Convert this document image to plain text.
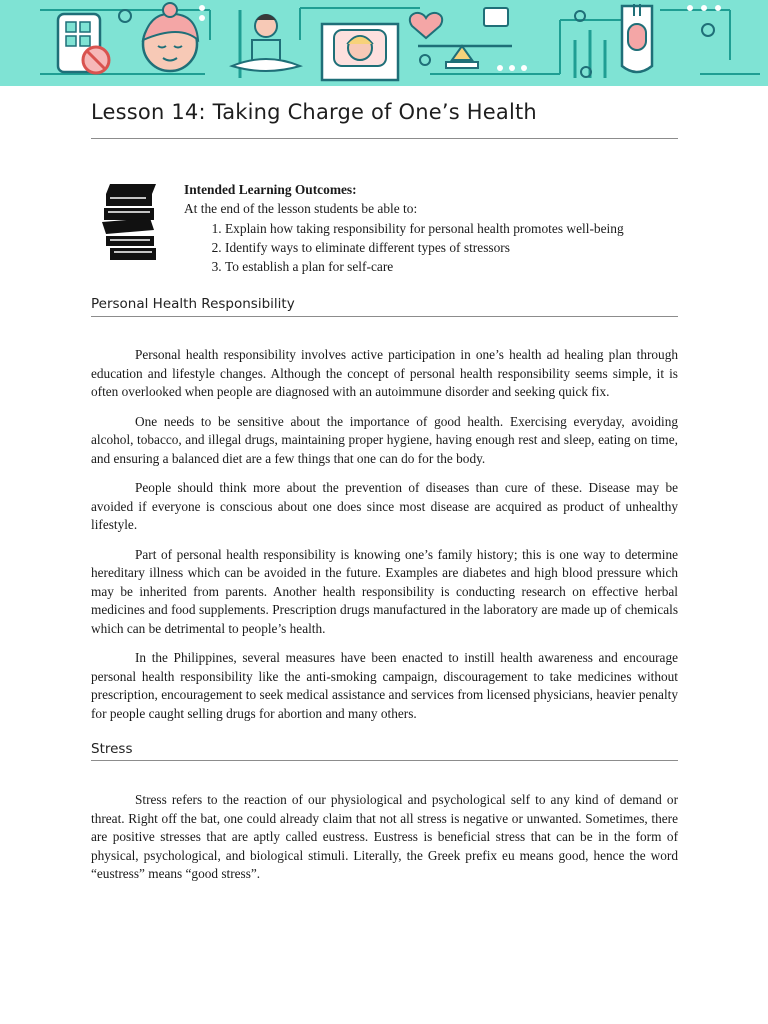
Lesson 14: Taking Charge of One’s Health
Intended Learning Outcomes:
At the end of the lesson students be able to:
1. Explain how taking responsibility for personal health promotes well-being
2. Identify ways to eliminate different types of stressors
3. To establish a plan for self-care
Personal Health Responsibility

Personal health responsibility involves active participation in one’s health ad healing plan through education and lifestyle changes. Although the concept of personal health responsibility seems simple, it is often overlooked when people are diagnosed with an autoimmune disorder and seeking quick fix.

One needs to be sensitive about the importance of good health. Exercising everyday, avoiding alcohol, tobacco, and illegal drugs, maintaining proper hygiene, having enough rest and sleep, eating on time, and ensuring a balanced diet are a few things that one can do for the body.

People should think more about the prevention of diseases than cure of these. Disease may be avoided if everyone is conscious about one does since most disease are acquired as product of unhealthy lifestyle.

Part of personal health responsibility is knowing one’s family history; this is one way to determine hereditary illness which can be avoided in the future. Examples are diabetes and high blood pressure which may be inherited from parents. Another health responsibility is conducting research on effective herbal medicines and food supplements. Prescription drugs manufactured in the laboratory are made up of chemicals which can be detrimental to people’s health.

In the Philippines, several measures have been enacted to instill health awareness and encourage personal health responsibility like the anti-smoking campaign, discouragement to take medicines without prescription, encouragement to seek medical assistance and services from licensed physicians, heavier penalty for people caught selling drugs for abortion and many others.

Stress

Stress refers to the reaction of our physiological and psychological self to any kind of demand or threat. Right off the bat, one could already claim that not all stress is negative or unwanted. Sometimes, there are positive stresses that are aptly called eustress. Eustress is beneficial stress that can be in the form of physical, psychological, and biological stimuli. Literally, the Greek prefix eu means good, hence the word “eustress” means “good stress”.
